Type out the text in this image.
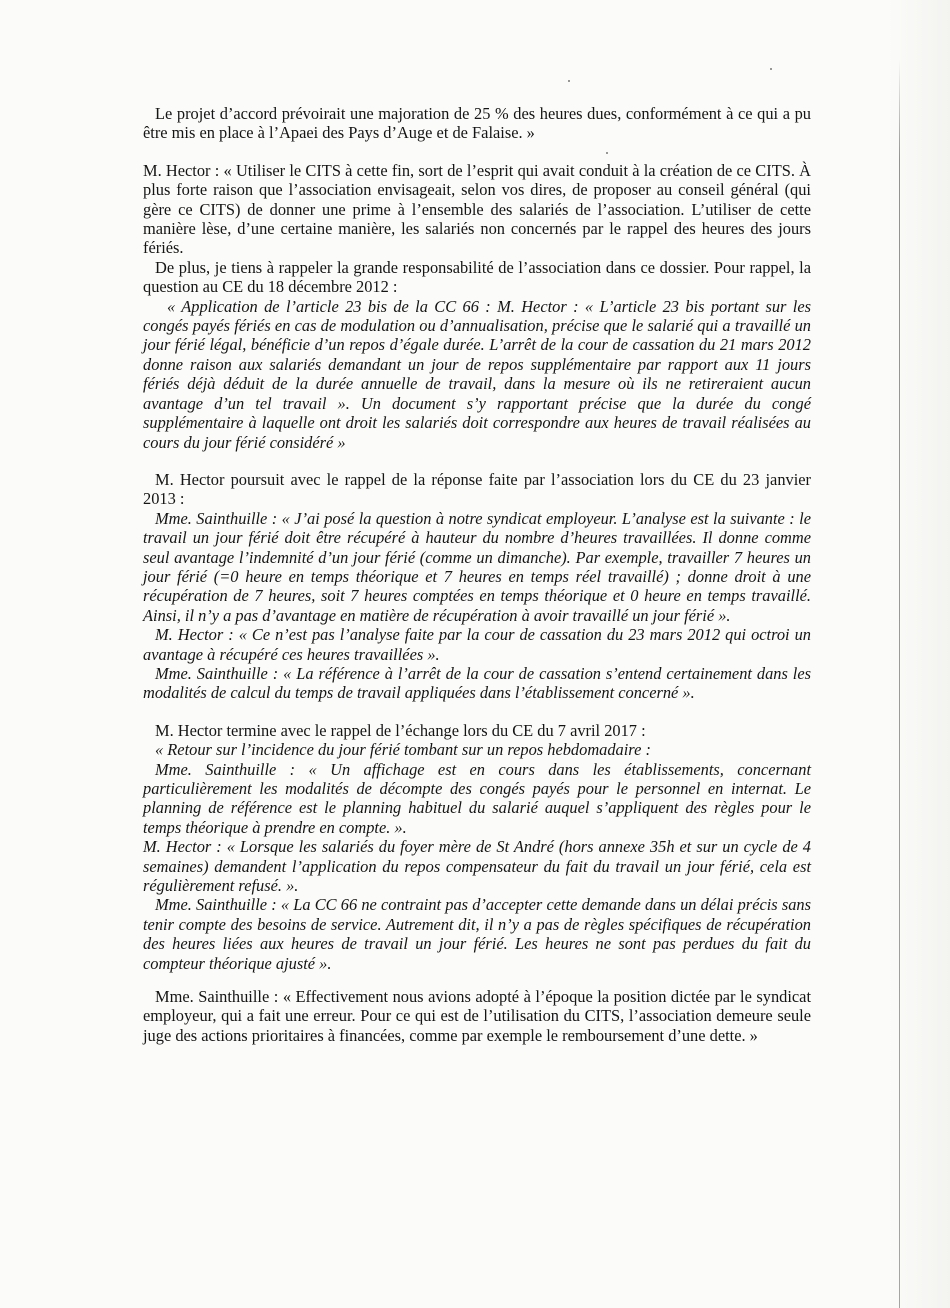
Le projet d’accord prévoirait une majoration de 25 % des heures dues, conformément à ce qui a pu être mis en place à l’Apaei des Pays d’Auge et de Falaise. »

M. Hector : « Utiliser le CITS à cette fin, sort de l’esprit qui avait conduit à la création de ce CITS. À plus forte raison que l’association envisageait, selon vos dires, de proposer au conseil général (qui gère ce CITS) de donner une prime à l’ensemble des salariés de l’association. L’utiliser de cette manière lèse, d’une certaine manière, les salariés non concernés par le rappel des heures des jours fériés.

De plus, je tiens à rappeler la grande responsabilité de l’association dans ce dossier. Pour rappel, la question au CE du 18 décembre 2012 :

« Application de l’article 23 bis de la CC 66 : M. Hector : « L’article 23 bis portant sur les congés payés fériés en cas de modulation ou d’annualisation, précise que le salarié qui a travaillé un jour férié légal, bénéficie d’un repos d’égale durée. L’arrêt de la cour de cassation du 21 mars 2012 donne raison aux salariés demandant un jour de repos supplémentaire par rapport aux 11 jours fériés déjà déduit de la durée annuelle de travail, dans la mesure où ils ne retireraient aucun avantage d’un tel travail ». Un document s’y rapportant précise que la durée du congé supplémentaire à laquelle ont droit les salariés doit correspondre aux heures de travail réalisées au cours du jour férié considéré »

M. Hector poursuit avec le rappel de la réponse faite par l’association lors du CE du 23 janvier 2013 :

Mme. Sainthuille : « J’ai posé la question à notre syndicat employeur. L’analyse est la suivante : le travail un jour férié doit être récupéré à hauteur du nombre d’heures travaillées. Il donne comme seul avantage l’indemnité d’un jour férié (comme un dimanche). Par exemple, travailler 7 heures un jour férié (=0 heure en temps théorique et 7 heures en temps réel travaillé) ; donne droit à une récupération de 7 heures, soit 7 heures comptées en temps théorique et 0 heure en temps travaillé. Ainsi, il n’y a pas d’avantage en matière de récupération à avoir travaillé un jour férié ».

M. Hector : « Ce n’est pas l’analyse faite par la cour de cassation du 23 mars 2012 qui octroi un avantage à récupéré ces heures travaillées ».

Mme. Sainthuille : « La référence à l’arrêt de la cour de cassation s’entend certainement dans les modalités de calcul du temps de travail appliquées dans l’établissement concerné ».

M. Hector termine avec le rappel de l’échange lors du CE du 7 avril 2017 :

« Retour sur l’incidence du jour férié tombant sur un repos hebdomadaire :

Mme. Sainthuille : « Un affichage est en cours dans les établissements, concernant particulièrement les modalités de décompte des congés payés pour le personnel en internat. Le planning de référence est le planning habituel du salarié auquel s’appliquent des règles pour le temps théorique à prendre en compte. ».

M. Hector : « Lorsque les salariés du foyer mère de St André (hors annexe 35h et sur un cycle de 4 semaines) demandent l’application du repos compensateur du fait du travail un jour férié, cela est régulièrement refusé. ».

Mme. Sainthuille : « La CC 66 ne contraint pas d’accepter cette demande dans un délai précis sans tenir compte des besoins de service. Autrement dit, il n’y a pas de règles spécifiques de récupération des heures liées aux heures de travail un jour férié. Les heures ne sont pas perdues du fait du compteur théorique ajusté ».

Mme. Sainthuille : « Effectivement nous avions adopté à l’époque la position dictée par le syndicat employeur, qui a fait une erreur. Pour ce qui est de l’utilisation du CITS, l’association demeure seule juge des actions prioritaires à financées, comme par exemple le remboursement d’une dette. »
